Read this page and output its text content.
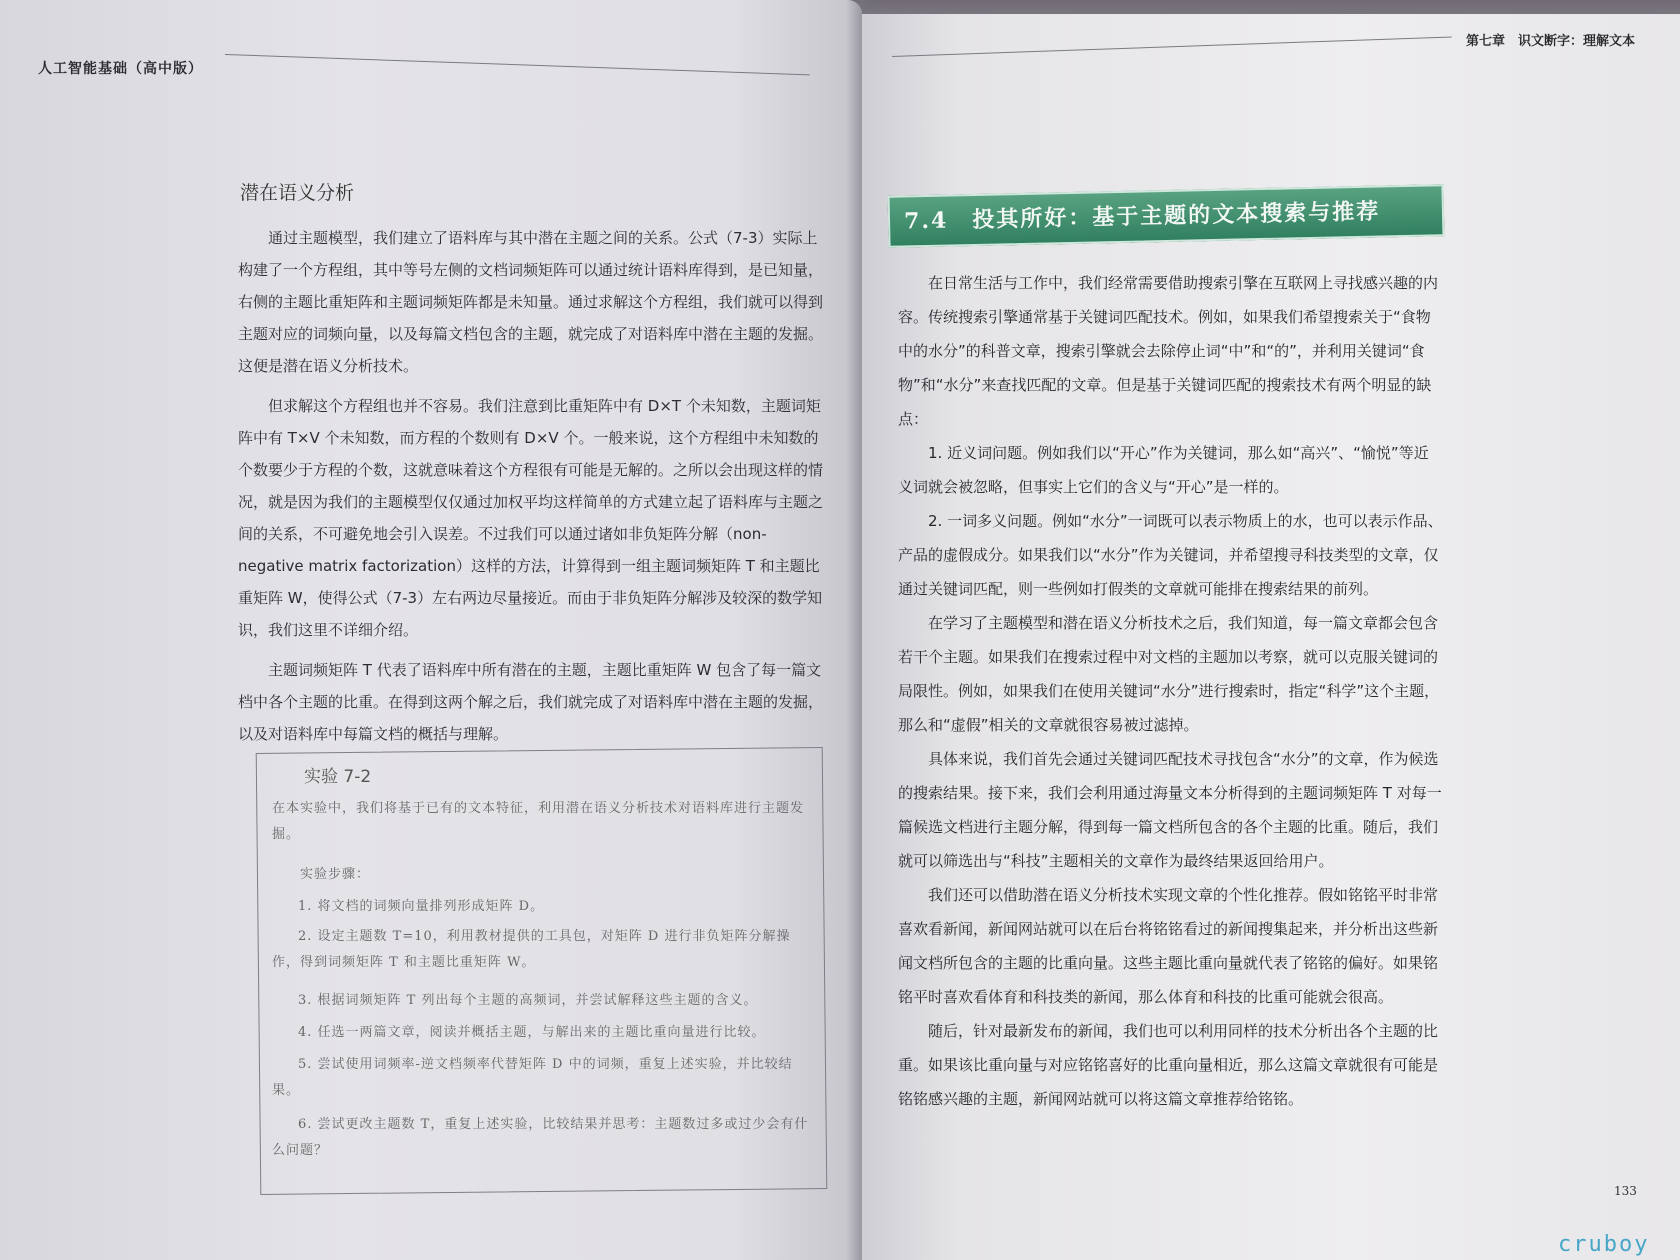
人工智能基础（高中版）
潜在语义分析

通过主题模型，我们建立了语料库与其中潜在主题之间的关系。公式（7-3）实际上构建了一个方程组，其中等号左侧的文档词频矩阵可以通过统计语料库得到，是已知量，右侧的主题比重矩阵和主题词频矩阵都是未知量。通过求解这个方程组，我们就可以得到主题对应的词频向量，以及每篇文档包含的主题，就完成了对语料库中潜在主题的发掘。这便是潜在语义分析技术。

但求解这个方程组也并不容易。我们注意到比重矩阵中有 D×T 个未知数，主题词矩阵中有 T×V 个未知数，而方程的个数则有 D×V 个。一般来说，这个方程组中未知数的个数要少于方程的个数，这就意味着这个方程很有可能是无解的。之所以会出现这样的情况，就是因为我们的主题模型仅仅通过加权平均这样简单的方式建立起了语料库与主题之间的关系，不可避免地会引入误差。不过我们可以通过诸如非负矩阵分解（non-negative matrix factorization）这样的方法，计算得到一组主题词频矩阵 T 和主题比重矩阵 W，使得公式（7-3）左右两边尽量接近。而由于非负矩阵分解涉及较深的数学知识，我们这里不详细介绍。

主题词频矩阵 T 代表了语料库中所有潜在的主题，主题比重矩阵 W 包含了每一篇文档中各个主题的比重。在得到这两个解之后，我们就完成了对语料库中潜在主题的发掘，以及对语料库中每篇文档的概括与理解。

实验 7-2
在本实验中，我们将基于已有的文本特征，利用潜在语义分析技术对语料库进行主题发掘。
实验步骤：
1. 将文档的词频向量排列形成矩阵 D。
2. 设定主题数 T=10，利用教材提供的工具包，对矩阵 D 进行非负矩阵分解操作，得到词频矩阵 T 和主题比重矩阵 W。
3. 根据词频矩阵 T 列出每个主题的高频词，并尝试解释这些主题的含义。
4. 任选一两篇文章，阅读并概括主题，与解出来的主题比重向量进行比较。
5. 尝试使用词频率-逆文档频率代替矩阵 D 中的词频，重复上述实验，并比较结果。
6. 尝试更改主题数 T，重复上述实验，比较结果并思考：主题数过多或过少会有什么问题？
第七章　识文断字：理解文本
7.4　投其所好：基于主题的文本搜索与推荐

在日常生活与工作中，我们经常需要借助搜索引擎在互联网上寻找感兴趣的内容。传统搜索引擎通常基于关键词匹配技术。例如，如果我们希望搜索关于“食物中的水分”的科普文章，搜索引擎就会去除停止词“中”和“的”，并利用关键词“食物”和“水分”来查找匹配的文章。但是基于关键词匹配的搜索技术有两个明显的缺点：

1. 近义词问题。例如我们以“开心”作为关键词，那么如“高兴”、“愉悦”等近义词就会被忽略，但事实上它们的含义与“开心”是一样的。

2. 一词多义问题。例如“水分”一词既可以表示物质上的水，也可以表示作品、产品的虚假成分。如果我们以“水分”作为关键词，并希望搜寻科技类型的文章，仅通过关键词匹配，则一些例如打假类的文章就可能排在搜索结果的前列。

在学习了主题模型和潜在语义分析技术之后，我们知道，每一篇文章都会包含若干个主题。如果我们在搜索过程中对文档的主题加以考察，就可以克服关键词的局限性。例如，如果我们在使用关键词“水分”进行搜索时，指定“科学”这个主题，那么和“虚假”相关的文章就很容易被过滤掉。

具体来说，我们首先会通过关键词匹配技术寻找包含“水分”的文章，作为候选的搜索结果。接下来，我们会利用通过海量文本分析得到的主题词频矩阵 T 对每一篇候选文档进行主题分解，得到每一篇文档所包含的各个主题的比重。随后，我们就可以筛选出与“科技”主题相关的文章作为最终结果返回给用户。

我们还可以借助潜在语义分析技术实现文章的个性化推荐。假如铭铭平时非常喜欢看新闻，新闻网站就可以在后台将铭铭看过的新闻搜集起来，并分析出这些新闻文档所包含的主题的比重向量。这些主题比重向量就代表了铭铭的偏好。如果铭铭平时喜欢看体育和科技类的新闻，那么体育和科技的比重可能就会很高。

随后，针对最新发布的新闻，我们也可以利用同样的技术分析出各个主题的比重。如果该比重向量与对应铭铭喜好的比重向量相近，那么这篇文章就很有可能是铭铭感兴趣的主题，新闻网站就可以将这篇文章推荐给铭铭。

133
cruboy
